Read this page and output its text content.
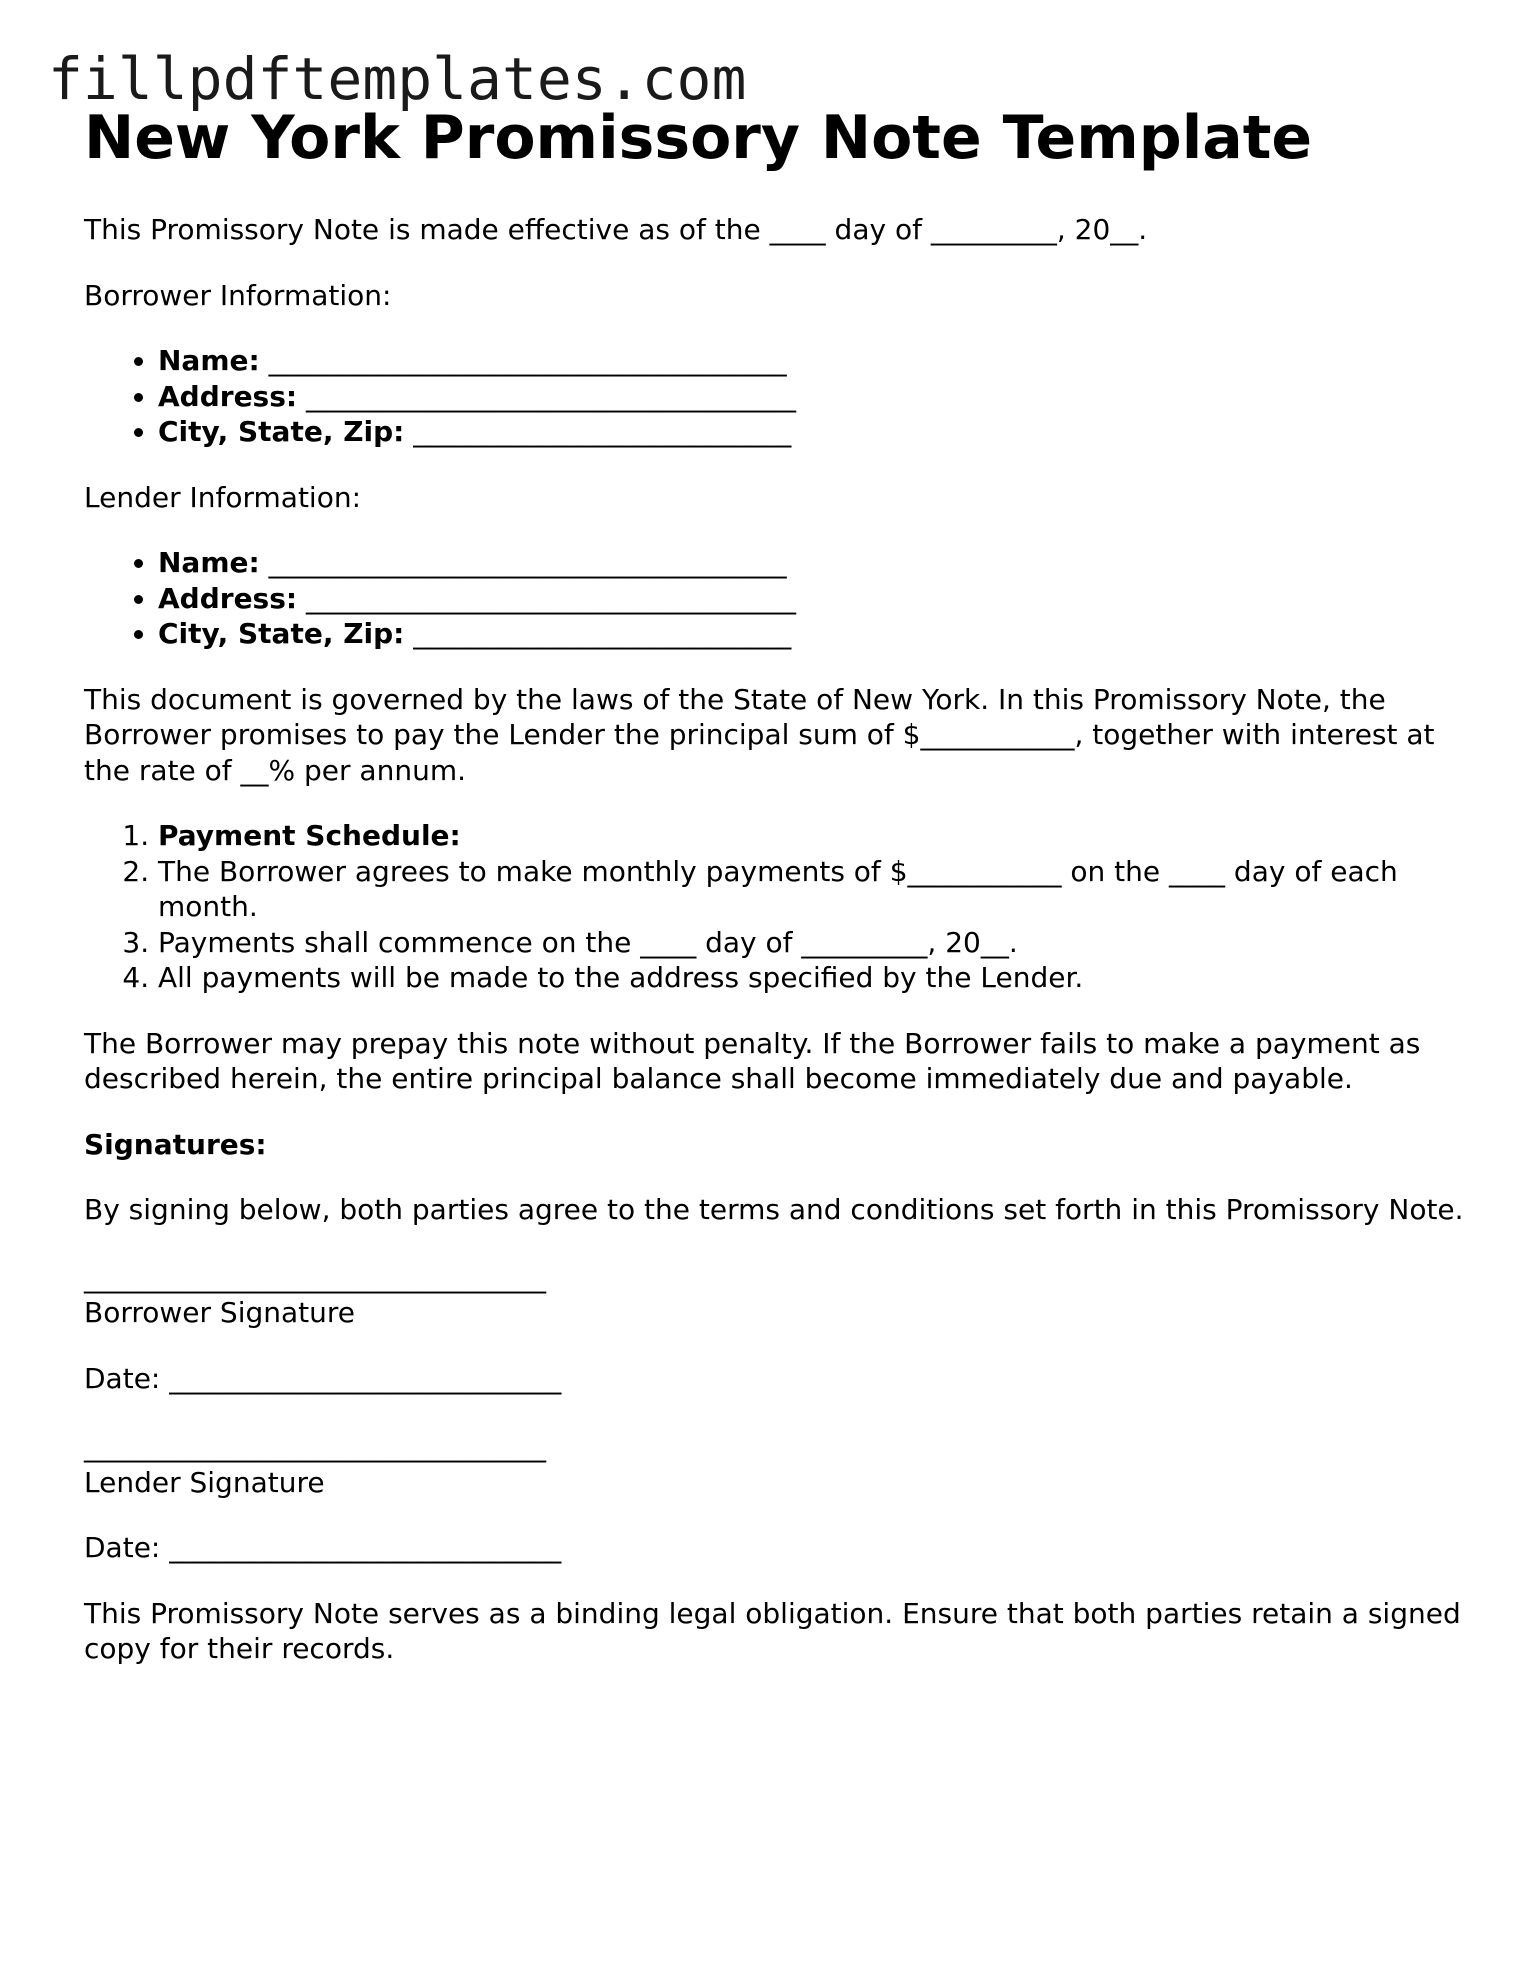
fillpdftemplates.com
New York Promissory Note Template

This Promissory Note is made effective as of the ____ day of _________, 20__.

Borrower Information:

• Name: _____________________________________
• Address: ___________________________________
• City, State, Zip: ___________________________

Lender Information:

• Name: _____________________________________
• Address: ___________________________________
• City, State, Zip: ___________________________

This document is governed by the laws of the State of New York. In this Promissory Note, the Borrower promises to pay the Lender the principal sum of $___________, together with interest at the rate of __% per annum.

1. Payment Schedule:
2. The Borrower agrees to make monthly payments of $___________ on the ____ day of each month.
3. Payments shall commence on the ____ day of _________, 20__.
4. All payments will be made to the address specified by the Lender.

The Borrower may prepay this note without penalty. If the Borrower fails to make a payment as described herein, the entire principal balance shall become immediately due and payable.

Signatures:

By signing below, both parties agree to the terms and conditions set forth in this Promissory Note.

_________________________________

Borrower Signature

Date: ____________________________

_________________________________

Lender Signature

Date: ____________________________

This Promissory Note serves as a binding legal obligation. Ensure that both parties retain a signed copy for their records.
